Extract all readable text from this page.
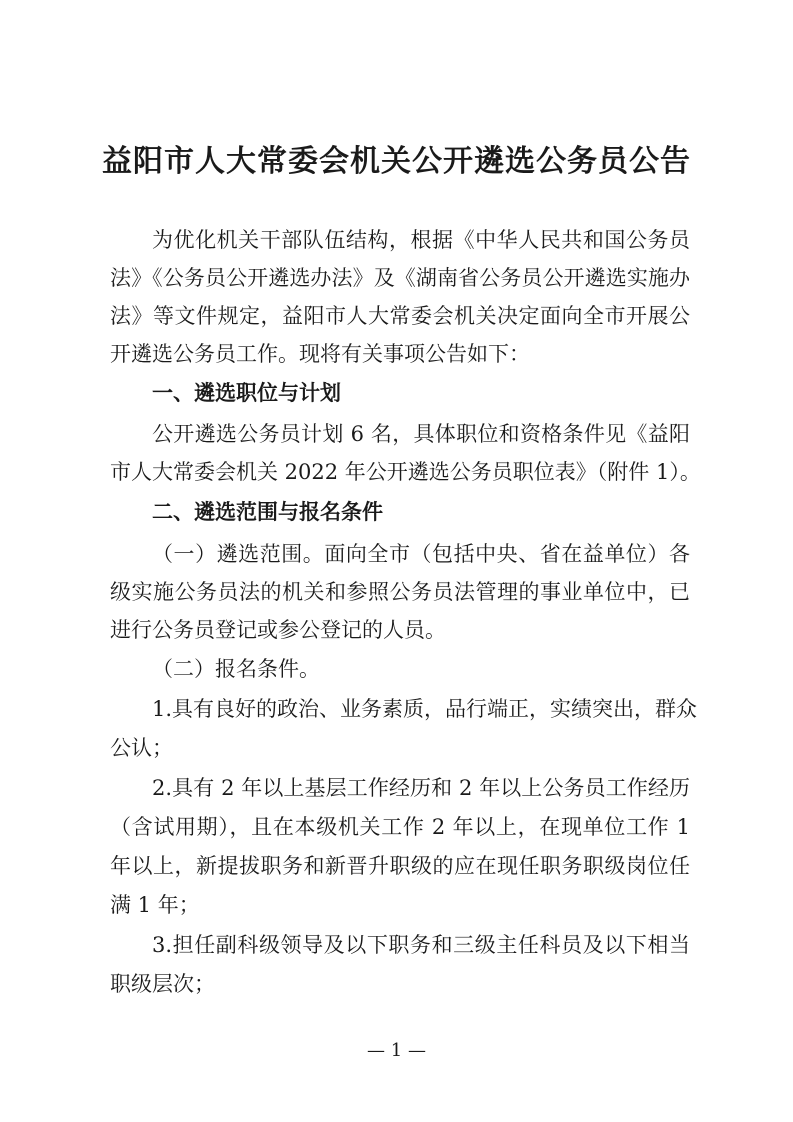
益阳市人大常委会机关公开遴选公务员公告
为优化机关干部队伍结构，根据《中华人民共和国公务员
法》《公务员公开遴选办法》及《湖南省公务员公开遴选实施办
法》等文件规定，益阳市人大常委会机关决定面向全市开展公
开遴选公务员工作。现将有关事项公告如下：
一、遴选职位与计划
公开遴选公务员计划 6 名，具体职位和资格条件见《益阳
市人大常委会机关 2022 年公开遴选公务员职位表》（附件 1）。
二、遴选范围与报名条件
（一）遴选范围。面向全市（包括中央、省在益单位）各
级实施公务员法的机关和参照公务员法管理的事业单位中，已
进行公务员登记或参公登记的人员。
（二）报名条件。
1.具有良好的政治、业务素质，品行端正，实绩突出，群众
公认；
2.具有 2 年以上基层工作经历和 2 年以上公务员工作经历
（含试用期），且在本级机关工作 2 年以上，在现单位工作 1
年以上，新提拔职务和新晋升职级的应在现任职务职级岗位任
满 1 年；
3.担任副科级领导及以下职务和三级主任科员及以下相当
职级层次；
— 1 —
